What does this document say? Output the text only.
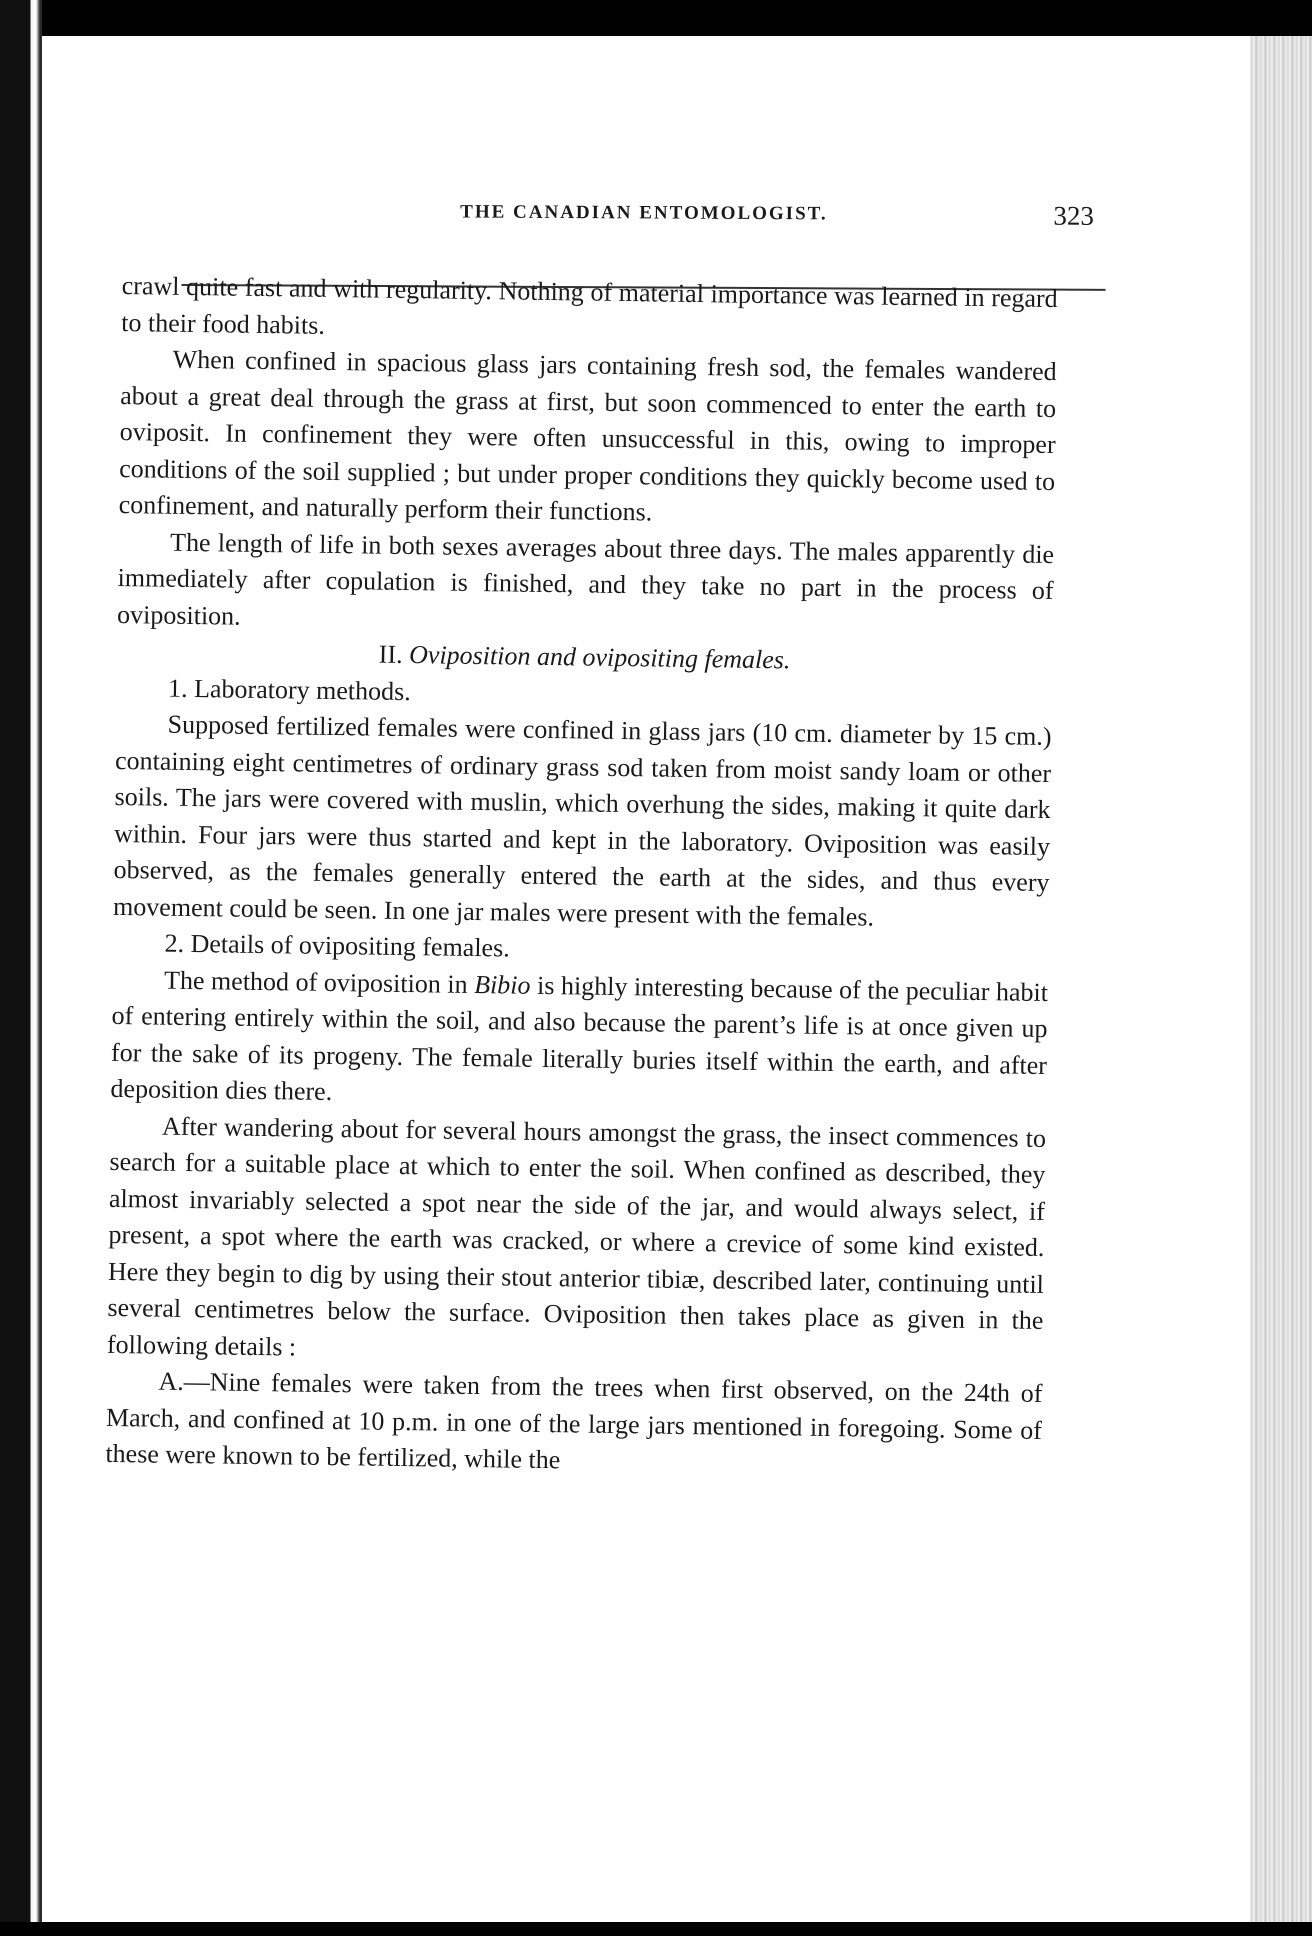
THE CANADIAN ENTOMOLOGIST.	323

crawl quite fast and with regularity. Nothing of material importance was learned in regard to their food habits.

When confined in spacious glass jars containing fresh sod, the females wandered about a great deal through the grass at first, but soon commenced to enter the earth to oviposit. In confinement they were often unsuccessful in this, owing to improper conditions of the soil supplied ; but under proper conditions they quickly become used to confinement, and naturally perform their functions.

The length of life in both sexes averages about three days. The males apparently die immediately after copulation is finished, and they take no part in the process of oviposition.

II. Oviposition and ovipositing females.

1. Laboratory methods.

Supposed fertilized females were confined in glass jars (10 cm. diameter by 15 cm.) containing eight centimetres of ordinary grass sod taken from moist sandy loam or other soils. The jars were covered with muslin, which overhung the sides, making it quite dark within. Four jars were thus started and kept in the laboratory. Oviposition was easily observed, as the females generally entered the earth at the sides, and thus every movement could be seen. In one jar males were present with the females.

2. Details of ovipositing females.

The method of oviposition in Bibio is highly interesting because of the peculiar habit of entering entirely within the soil, and also because the parent’s life is at once given up for the sake of its progeny. The female literally buries itself within the earth, and after deposition dies there.

After wandering about for several hours amongst the grass, the insect commences to search for a suitable place at which to enter the soil. When confined as described, they almost invariably selected a spot near the side of the jar, and would always select, if present, a spot where the earth was cracked, or where a crevice of some kind existed. Here they begin to dig by using their stout anterior tibiæ, described later, continuing until several centimetres below the surface. Oviposition then takes place as given in the following details :

A.—Nine females were taken from the trees when first observed, on the 24th of March, and confined at 10 p.m. in one of the large jars mentioned in foregoing. Some of these were known to be fertilized, while the
